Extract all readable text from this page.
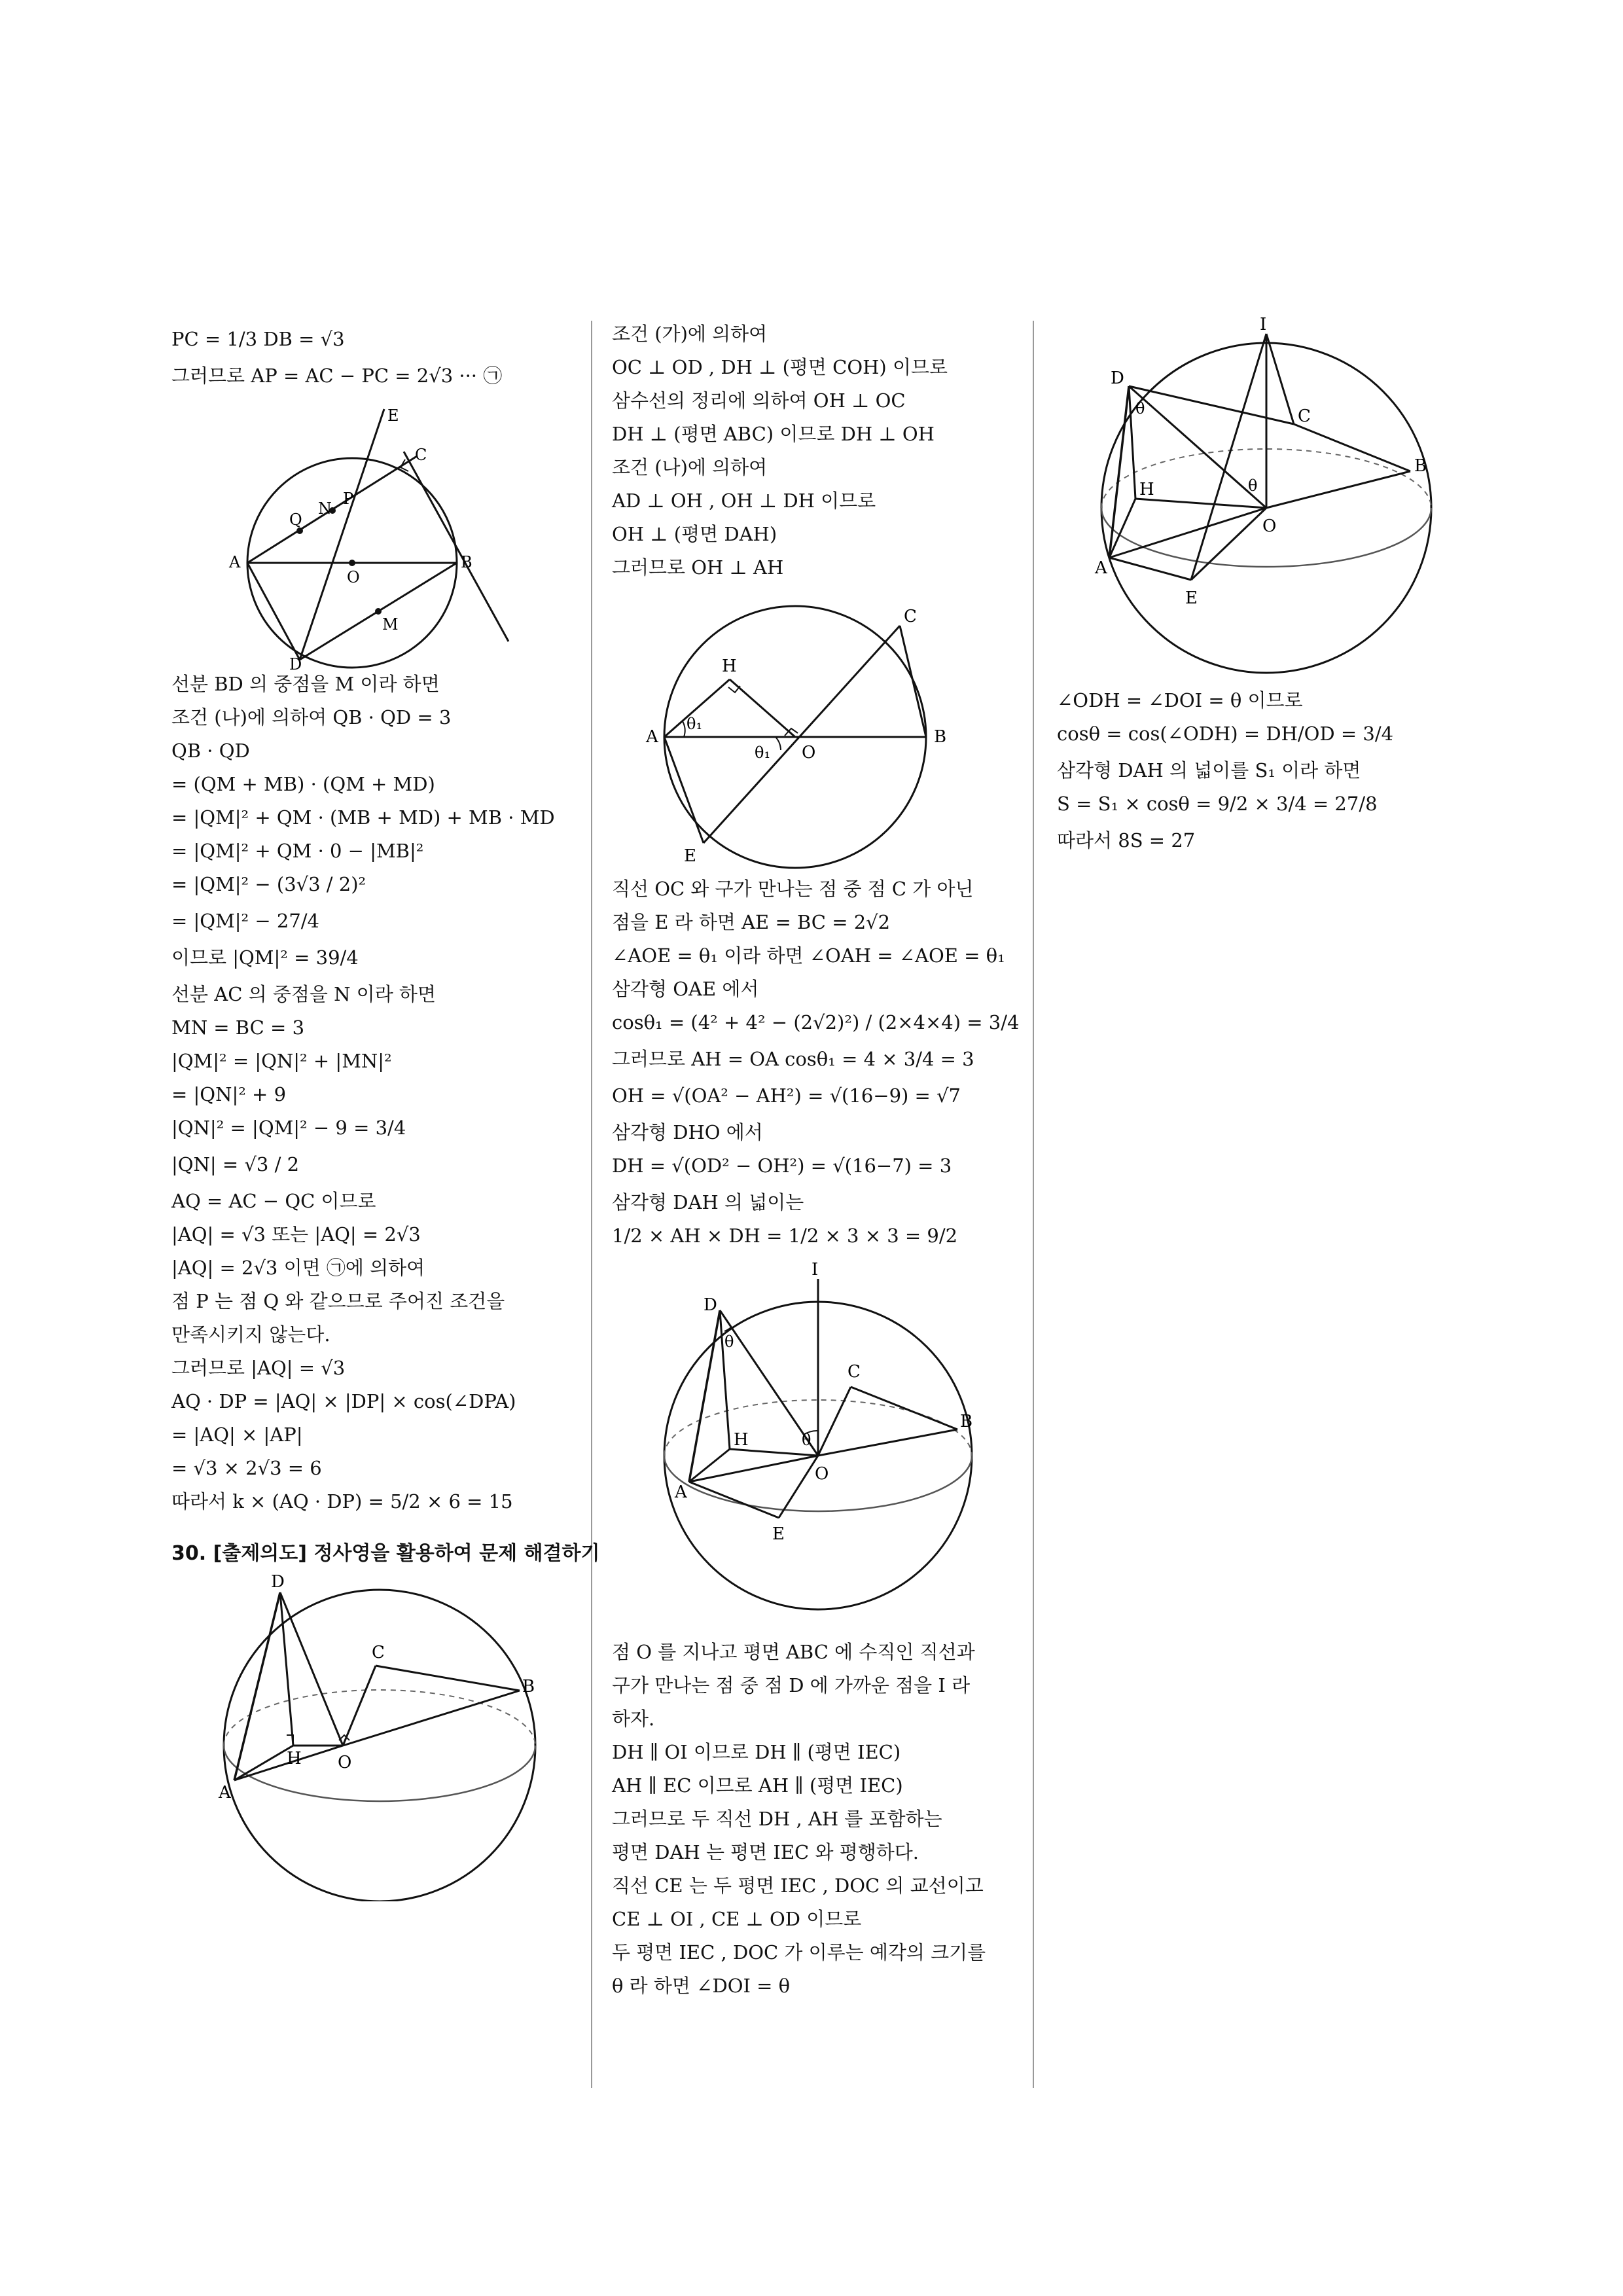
PC = 1/3 DB = √3
그러므로 AP = AC − PC = 2√3 ··· ㉠
E
C
P
N
Q
A
O
B
M
D
선분 BD 의 중점을 M 이라 하면
조건 (나)에 의하여 QB · QD = 3
QB · QD
= (QM + MB) · (QM + MD)
= |QM|² + QM · (MB + MD) + MB · MD
= |QM|² + QM · 0 − |MB|²
= |QM|² − (3√3 / 2)²
= |QM|² − 27/4
이므로 |QM|² = 39/4
선분 AC 의 중점을 N 이라 하면
MN = BC = 3
|QM|² = |QN|² + |MN|²
= |QN|² + 9
|QN|² = |QM|² − 9 = 3/4
|QN| = √3 / 2
AQ = AC − QC 이므로
|AQ| = √3 또는 |AQ| = 2√3
|AQ| = 2√3 이면 ㉠에 의하여
점 P 는 점 Q 와 같으므로 주어진 조건을
만족시키지 않는다.
그러므로 |AQ| = √3
AQ · DP = |AQ| × |DP| × cos(∠DPA)
= |AQ| × |AP|
= √3 × 2√3 = 6
따라서 k × (AQ · DP) = 5/2 × 6 = 15
30. [출제의도] 정사영을 활용하여 문제 해결하기
D
C
B
H O
A
조건 (가)에 의하여
OC ⊥ OD , DH ⊥ (평면 COH) 이므로
삼수선의 정리에 의하여 OH ⊥ OC
DH ⊥ (평면 ABC) 이므로 DH ⊥ OH
조건 (나)에 의하여
AD ⊥ OH , OH ⊥ DH 이므로
OH ⊥ (평면 DAH)
그러므로 OH ⊥ AH
H
C
A
θ₁
θ₁ O
B
E
직선 OC 와 구가 만나는 점 중 점 C 가 아닌
점을 E 라 하면 AE = BC = 2√2
∠AOE = θ₁ 이라 하면 ∠OAH = ∠AOE = θ₁
삼각형 OAE 에서
cosθ₁ = (4² + 4² − (2√2)²) / (2×4×4) = 3/4
그러므로 AH = OA cosθ₁ = 4 × 3/4 = 3
OH = √(OA² − AH²) = √(16−9) = √7
삼각형 DHO 에서
DH = √(OD² − OH²) = √(16−7) = 3
삼각형 DAH 의 넓이는
1/2 × AH × DH = 1/2 × 3 × 3 = 9/2
I
D
θ
C
B
H	θ
O
A
E
점 O 를 지나고 평면 ABC 에 수직인 직선과
구가 만나는 점 중 점 D 에 가까운 점을 I 라
하자.
DH ∥ OI 이므로 DH ∥ (평면 IEC)
AH ∥ EC 이므로 AH ∥ (평면 IEC)
그러므로 두 직선 DH , AH 를 포함하는
평면 DAH 는 평면 IEC 와 평행하다.
직선 CE 는 두 평면 IEC , DOC 의 교선이고
CE ⊥ OI , CE ⊥ OD 이므로
두 평면 IEC , DOC 가 이루는 예각의 크기를
θ 라 하면 ∠DOI = θ
I
D
θ	C
B
H	θ
O
A
E
∠ODH = ∠DOI = θ 이므로
cosθ = cos(∠ODH) = DH/OD = 3/4
삼각형 DAH 의 넓이를 S₁ 이라 하면
S = S₁ × cosθ = 9/2 × 3/4 = 27/8
따라서 8S = 27
